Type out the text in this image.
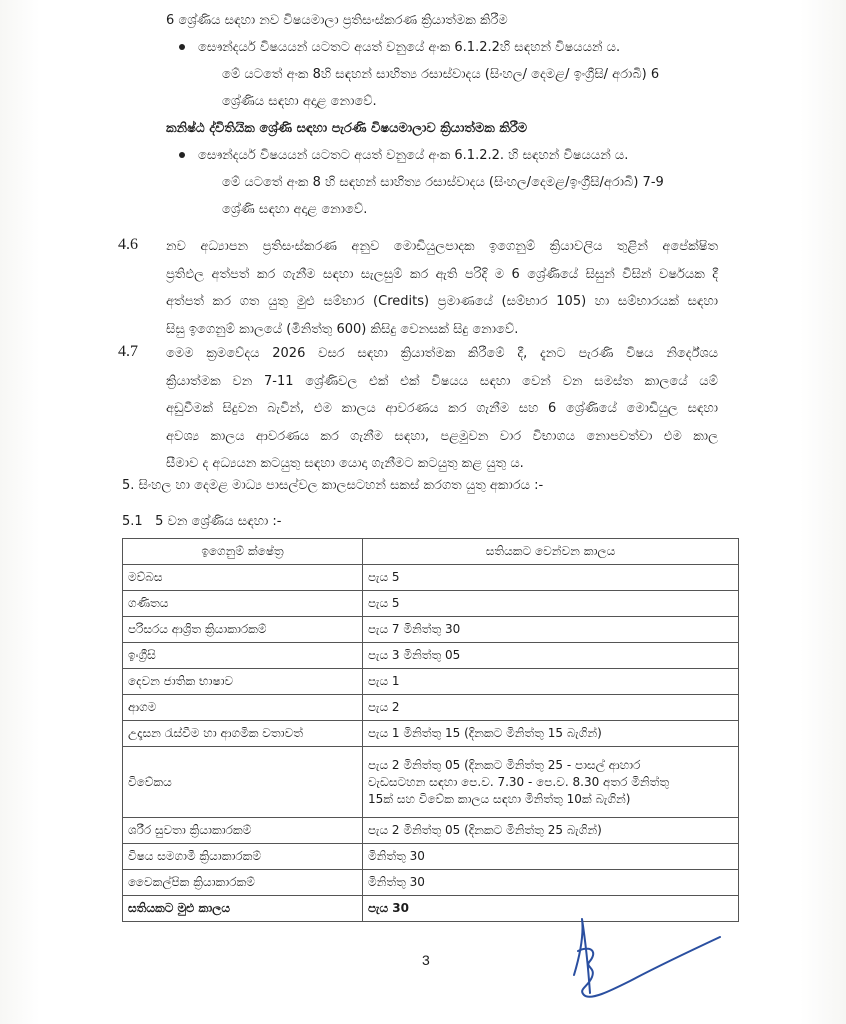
6 ශ්‍රේණිය සඳහා නව විෂයමාලා ප්‍රතිසංස්කරණ ක්‍රියාත්මක කිරීම
සෞන්දර්ය විෂයයන් යටතට අයත් වනුයේ අංක 6.1.2.2හි සඳහන් විෂයයන් ය.
මේ යටතේ අංක 8හි සඳහන් සාහිත්‍ය රසාස්වාදය (සිංහල/ දෙමළ/ ඉංග්‍රීසි/ අරාබි) 6
ශ්‍රේණිය සඳහා අදාළ නොවේ.
කනිෂ්ඨ ද්විතියික ශ්‍රේණි සඳහා පැරණි විෂයමාලාව ක්‍රියාත්මක කිරීම
සෞන්දර්ය විෂයයන් යටතට අයත් වනුයේ අංක 6.1.2.2. හි සඳහන් විෂයයන් ය.
මේ යටතේ අංක 8 හි සඳහන් සාහිත්‍ය රසාස්වාදය (සිංහල/දෙමළ/ඉංග්‍රීසි/අරාබි) 7-9
ශ්‍රේණි සඳහා අදාළ නොවේ.
4.6 නව අධ්‍යාපන ප්‍රතිසංස්කරණ අනුව මොඩියුලපාදක ඉගෙනුම් ක්‍රියාවලිය තුළින් අපේක්ෂිත
ප්‍රතිඵල අත්පත් කර ගැනීම සඳහා සැලසුම් කර ඇති පරිදි ම 6 ශ්‍රේණියේ සිසුන් විසින් වර්ෂයක දී
අත්පත් කර ගත යුතු මුළු සම්භාර (Credits) ප්‍රමාණයේ (සම්භාර 105) හා සම්භාරයක් සඳහා
සිසු ඉගෙනුම් කාලයේ (මිනිත්තු 600) කිසිදු වෙනසක් සිදු නොවේ.
4.7 මෙම ක්‍රමවේදය 2026 වසර සඳහා ක්‍රියාත්මක කිරීමේ දී, දැනට පැරණි විෂය නිර්දේශය
ක්‍රියාත්මක වන 7-11 ශ්‍රේණිවල එක් එක් විෂයය සඳහා වෙන් වන සමස්ත කාලයේ යම්
අඩුවීමක් සිදුවන බැවින්, එම කාලය ආවරණය කර ගැනීම සහ 6 ශ්‍රේණියේ මොඩියුල සඳහා
අවශ්‍ය කාලය ආවරණය කර ගැනීම සඳහා, පළමුවන වාර විභාගය නොපවත්වා එම කාල
සීමාව ද අධ්‍යයන කටයුතු සඳහා යොදා ගැනීමට කටයුතු කළ යුතු ය.
5. සිංහල හා දෙමළ මාධ්‍ය පාසල්වල කාලසටහන් සකස් කරගත යුතු අකාරය :-
5.1   5 වන ශ්‍රේණිය සඳහා :-
ඉගෙනුම් ක්ෂේත්‍ර	සතියකට වෙන්වන කාලය
මව්බස	පැය 5
ගණිතය	පැය 5
පරිසරය ආශ්‍රිත ක්‍රියාකාරකම්	පැය 7 මිනිත්තු 30
ඉංග්‍රීසි	පැය 3 මිනිත්තු 05
දෙවන ජාතික භාෂාව	පැය 1
ආගම	පැය 2
උදෑසන රැස්වීම හා ආගමික වතාවත්	පැය 1 මිනිත්තු 15 (දිනකට මිනිත්තු 15 බැගින්)
විවේකය	පැය 2 මිනිත්තු 05 (දිනකට මිනිත්තු 25 - පාසල් ආහාර
වැඩසටහන සඳහා පෙ.ව. 7.30 - පෙ.ව. 8.30 අතර මිනිත්තු
15ක් සහ විවේක කාලය සඳහා මිනිත්තු 10ක් බැගින්)

ශරීර සුවතා ක්‍රියාකාරකම්	පැය 2 මිනිත්තු 05 (දිනකට මිනිත්තු 25 බැගින්)
විෂය සමගාමී ක්‍රියාකාරකම්	මිනිත්තු 30
වෛකල්පික ක්‍රියාකාරකම්	මිනිත්තු 30
සතියකට මුළු කාලය	පැය 30
3
